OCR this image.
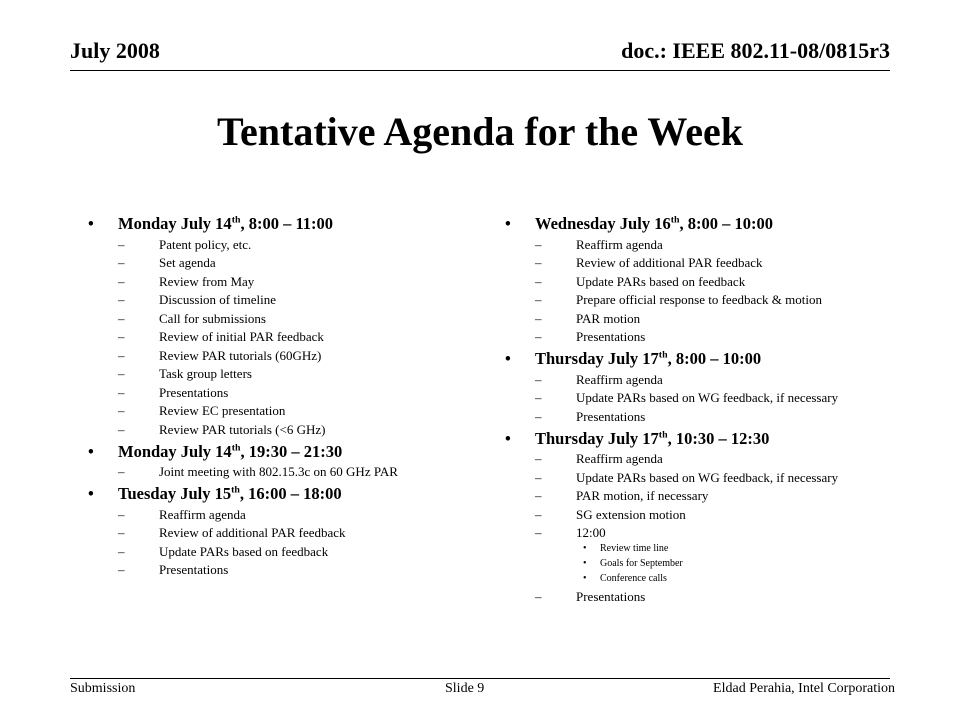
July 2008	doc.: IEEE 802.11-08/0815r3
Tentative Agenda for the Week
•	Monday July 14th, 8:00 – 11:00
–	Patent policy, etc.
–	Set agenda
–	Review from May
–	Discussion of timeline
–	Call for submissions
–	Review of initial PAR feedback
–	Review PAR tutorials (60GHz)
–	Task group letters
–	Presentations
–	Review EC presentation
–	Review PAR tutorials (<6 GHz)
•	Monday July 14th, 19:30 – 21:30
–	Joint meeting with 802.15.3c on 60 GHz PAR
•	Tuesday July 15th, 16:00 – 18:00
–	Reaffirm agenda
–	Review of additional PAR feedback
–	Update PARs based on feedback
–	Presentations
•	Wednesday July 16th, 8:00 – 10:00
–	Reaffirm agenda
–	Review of additional PAR feedback
–	Update PARs based on feedback
–	Prepare official response to feedback & motion
–	PAR motion
–	Presentations
•	Thursday July 17th, 8:00 – 10:00
–	Reaffirm agenda
–	Update PARs based on WG feedback, if necessary
–	Presentations
•	Thursday July 17th, 10:30 – 12:30
–	Reaffirm agenda
–	Update PARs based on WG feedback, if necessary
–	PAR motion, if necessary
–	SG extension motion
–	12:00
•	Review time line
•	Goals for September
•	Conference calls
–	Presentations
Submission	Slide 9	Eldad Perahia, Intel Corporation
